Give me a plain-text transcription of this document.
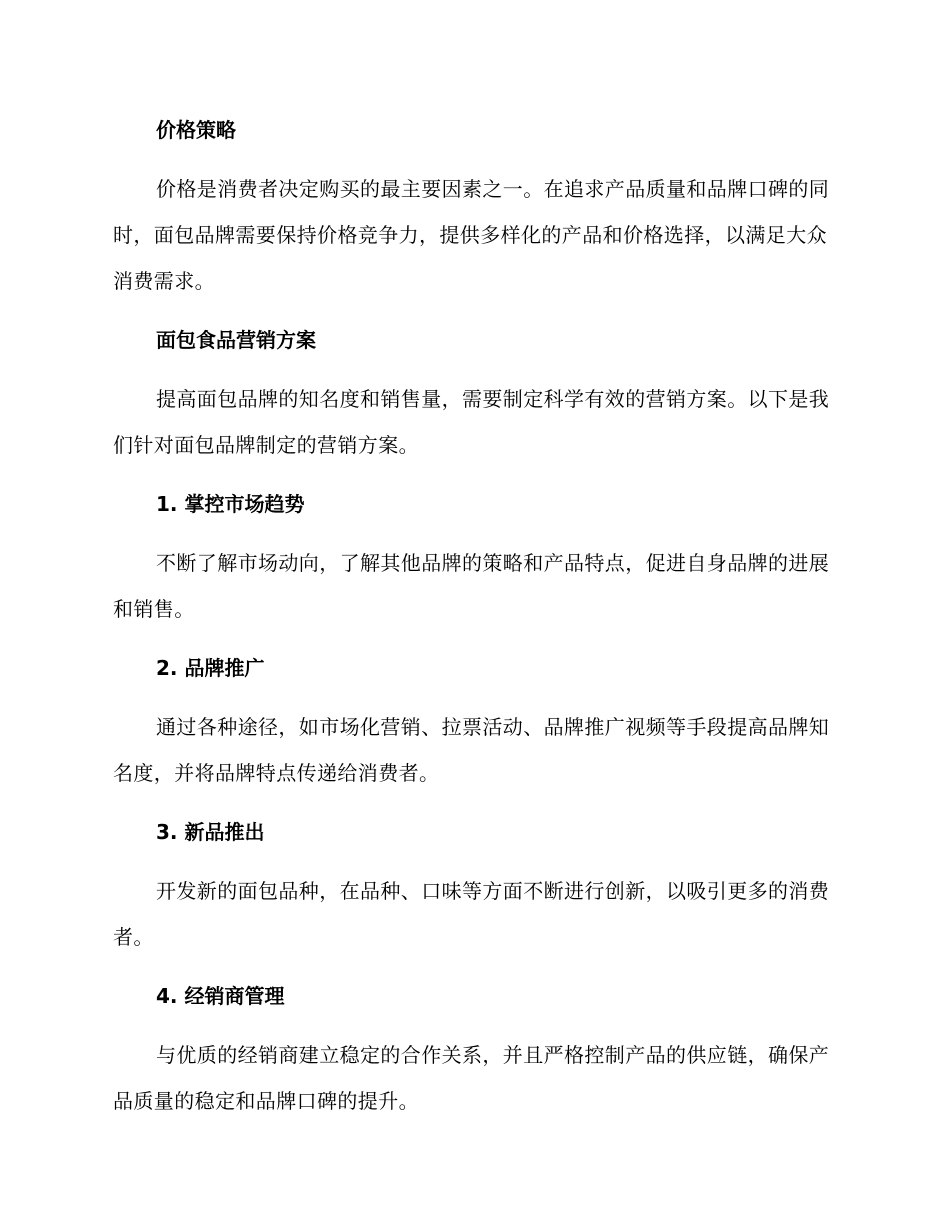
价格策略

价格是消费者决定购买的最主要因素之一。在追求产品质量和品牌口碑的同时，面包品牌需要保持价格竞争力，提供多样化的产品和价格选择，以满足大众消费需求。

面包食品营销方案

提高面包品牌的知名度和销售量，需要制定科学有效的营销方案。以下是我们针对面包品牌制定的营销方案。

1. 掌控市场趋势

不断了解市场动向，了解其他品牌的策略和产品特点，促进自身品牌的进展和销售。

2. 品牌推广

通过各种途径，如市场化营销、拉票活动、品牌推广视频等手段提高品牌知名度，并将品牌特点传递给消费者。

3. 新品推出

开发新的面包品种，在品种、口味等方面不断进行创新，以吸引更多的消费者。

4. 经销商管理

与优质的经销商建立稳定的合作关系，并且严格控制产品的供应链，确保产品质量的稳定和品牌口碑的提升。
